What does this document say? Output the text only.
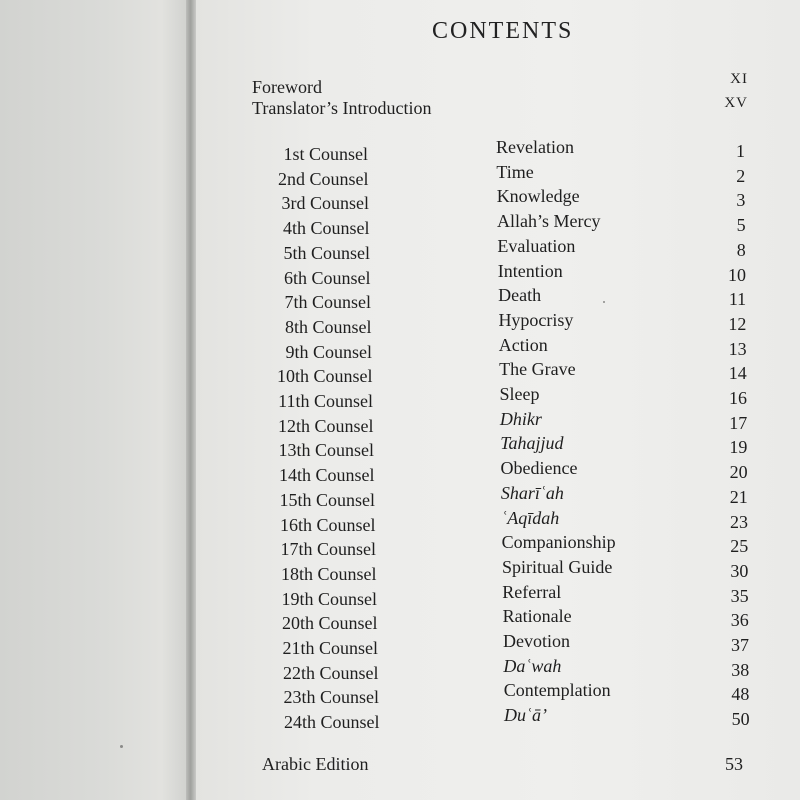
CONTENTS
Foreword	XI
Translator’s Introduction	XV
1st Counsel	Revelation	1
2nd Counsel	Time	2
3rd Counsel	Knowledge	3
4th Counsel	Allah’s Mercy	5
5th Counsel	Evaluation	8
6th Counsel	Intention	10
7th Counsel	Death	11
8th Counsel	Hypocrisy	12
9th Counsel	Action	13
10th Counsel	The Grave	14
11th Counsel	Sleep	16
12th Counsel	Dhikr	17
13th Counsel	Tahajjud	19
14th Counsel	Obedience	20
15th Counsel	Sharīʿah	21
16th Counsel	ʿAqīdah	23
17th Counsel	Companionship	25
18th Counsel	Spiritual Guide	30
19th Counsel	Referral	35
20th Counsel	Rationale	36
21th Counsel	Devotion	37
22th Counsel	Daʿwah	38
23th Counsel	Contemplation	48
24th Counsel	Duʿā’	50
Arabic Edition	53
